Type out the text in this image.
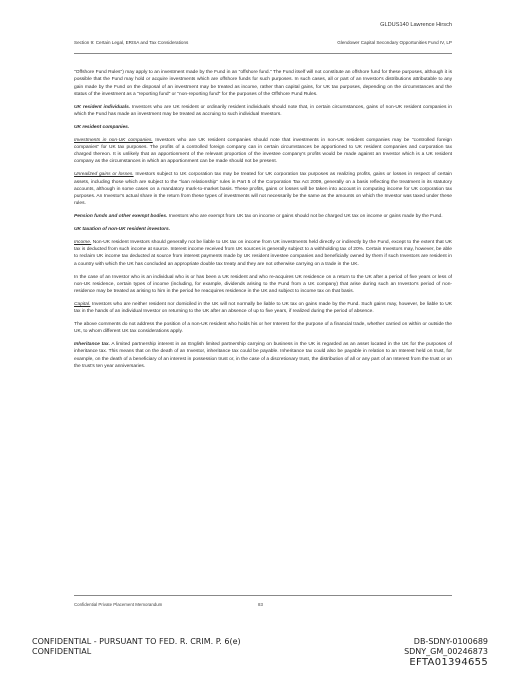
GLDUS140 Lawrence Hirsch
Section 9: Certain Legal, ERISA and Tax Considerations	Glendower Capital Secondary Opportunities Fund IV, LP

"Offshore Fund Rules") may apply to an investment made by the Fund in an "offshore fund." The Fund itself will not constitute an offshore fund for these purposes, although it is possible that the Fund may hold or acquire investments which are offshore funds for such purposes. In such cases, all or part of an Investor's distributions attributable to any gain made by the Fund on the disposal of an investment may be treated as income, rather than capital gains, for UK tax purposes, depending on the circumstances and the status of the investment as a "reporting fund" or "non-reporting fund" for the purposes of the Offshore Fund Rules.

UK resident individuals. Investors who are UK resident or ordinarily resident individuals should note that, in certain circumstances, gains of non-UK resident companies in which the Fund has made an investment may be treated as accruing to such individual Investors.

UK resident companies.

Investments in non-UK companies. Investors who are UK resident companies should note that investments in non-UK resident companies may be "controlled foreign companies" for UK tax purposes. The profits of a controlled foreign company can in certain circumstances be apportioned to UK resident companies and corporation tax charged thereon. It is unlikely that an apportionment of the relevant proportion of the investee company's profits would be made against an Investor which is a UK resident company as the circumstances in which an apportionment can be made should not be present.

Unrealized gains or losses. Investors subject to UK corporation tax may be treated for UK corporation tax purposes as realizing profits, gains or losses in respect of certain assets, including those which are subject to the "loan relationship" rules in Part 5 of the Corporation Tax Act 2009, generally on a basis reflecting the treatment in its statutory accounts, although in some cases on a mandatory mark-to-market basis. These profits, gains or losses will be taken into account in computing income for UK corporation tax purposes. An Investor's actual share in the return from these types of investments will not necessarily be the same as the amounts on which the Investor was taxed under these rules.

Pension funds and other exempt bodies. Investors who are exempt from UK tax on income or gains should not be charged UK tax on income or gains made by the Fund.

UK taxation of non-UK resident investors.

Income. Non-UK resident Investors should generally not be liable to UK tax on income from UK investments held directly or indirectly by the Fund, except to the extent that UK tax is deducted from such income at source. Interest income received from UK sources is generally subject to a withholding tax of 20%. Certain Investors may, however, be able to reclaim UK income tax deducted at source from interest payments made by UK resident investee companies and beneficially owned by them if such Investors are resident in a country with which the UK has concluded an appropriate double tax treaty and they are not otherwise carrying on a trade in the UK.

In the case of an Investor who is an individual who is or has been a UK resident and who re-acquires UK residence on a return to the UK after a period of five years or less of non-UK residence, certain types of income (including, for example, dividends arising to the Fund from a UK company) that arise during such an Investor's period of non-residence may be treated as arising to him in the period he reacquires residence in the UK and subject to income tax on that basis.

Capital. Investors who are neither resident nor domiciled in the UK will not normally be liable to UK tax on gains made by the Fund. Such gains may, however, be liable to UK tax in the hands of an individual Investor on returning to the UK after an absence of up to five years, if realized during the period of absence.

The above comments do not address the position of a non-UK resident who holds his or her Interest for the purpose of a financial trade, whether carried on within or outside the UK, to whom different UK tax considerations apply.

Inheritance tax. A limited partnership interest in an English limited partnership carrying on business in the UK is regarded as an asset located in the UK for the purposes of inheritance tax. This means that on the death of an Investor, inheritance tax could be payable. Inheritance tax could also be payable in relation to an Interest held on trust, for example, on the death of a beneficiary of an interest in possession trust or, in the case of a discretionary trust, the distribution of all or any part of an Interest from the trust or on the trust's ten year anniversaries.

Confidential Private Placement Memorandum	83
CONFIDENTIAL - PURSUANT TO FED. R. CRIM. P. 6(e)
CONFIDENTIAL
DB-SDNY-0100689
SDNY_GM_00246873
EFTA01394655
